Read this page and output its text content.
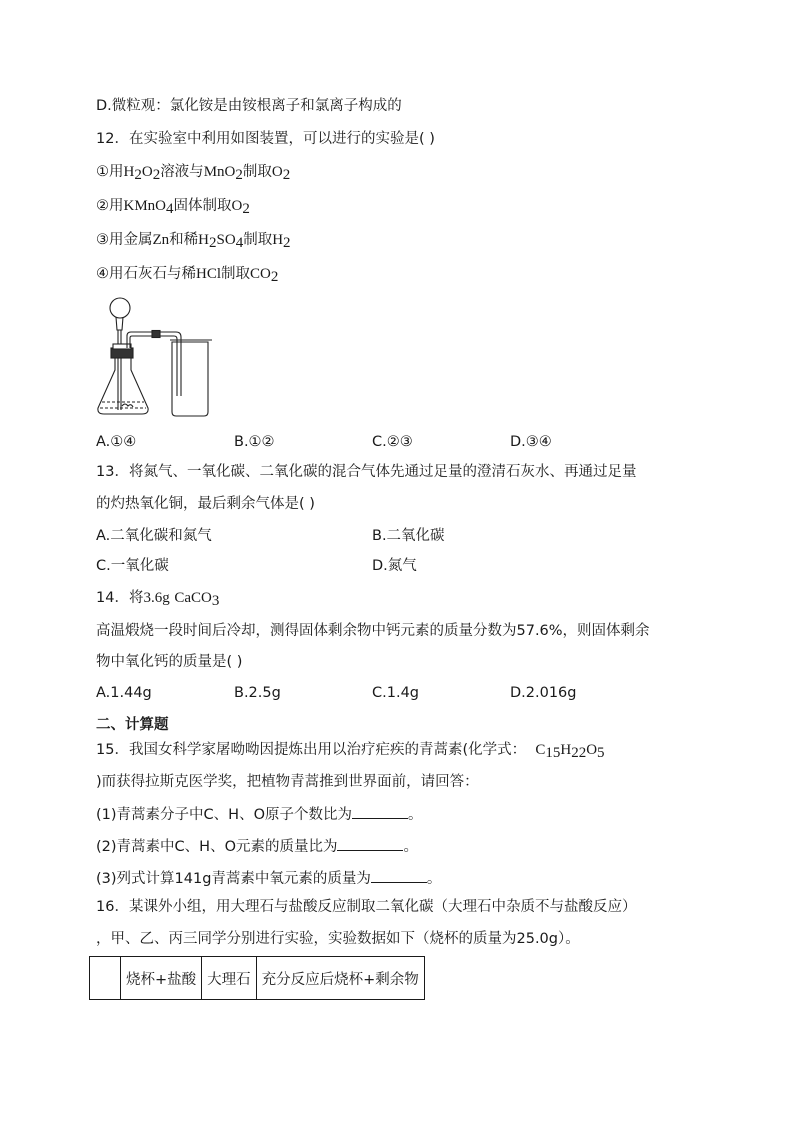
D.微粒观：氯化铵是由铵根离子和氯离子构成的
12．在实验室中利用如图装置，可以进行的实验是( )
①用$H_2O_2$溶液与MnO$_2$制取$O_2$
②用KMnO$_4$固体制取$O_2$
③用金属Zn和稀$H_2SO_4$制取$H_2$
④用石灰石与稀HCl制取$CO_2$
A.①④	B.①②	C.②③	D.③④
13．将氮气、一氧化碳、二氧化碳的混合气体先通过足量的澄清石灰水、再通过足量
的灼热氧化铜，最后剩余气体是( )
A.二氧化碳和氮气	B.二氧化碳
C.一氧化碳	D.氮气
14．将3.6g CaCO$_3$
高温煅烧一段时间后冷却，测得固体剩余物中钙元素的质量分数为57.6%，则固体剩余
物中氧化钙的质量是( )
A.1.44g	B.2.5g	C.1.4g	D.2.016g
二、计算题
15．我国女科学家屠呦呦因提炼出用以治疗疟疾的青蒿素(化学式： $C_{15}H_{22}O_5$
)而获得拉斯克医学奖，把植物青蒿推到世界面前，请回答：
(1)青蒿素分子中C、H、O原子个数比为	。
(2)青蒿素中C、H、O元素的质量比为	。
(3)列式计算141g青蒿素中氧元素的质量为	。
16．某课外小组，用大理石与盐酸反应制取二氧化碳（大理石中杂质不与盐酸反应）
，甲、乙、丙三同学分别进行实验，实验数据如下（烧杯的质量为25.0g）。
	烧杯+盐酸	大理石	充分反应后烧杯+剩余物
